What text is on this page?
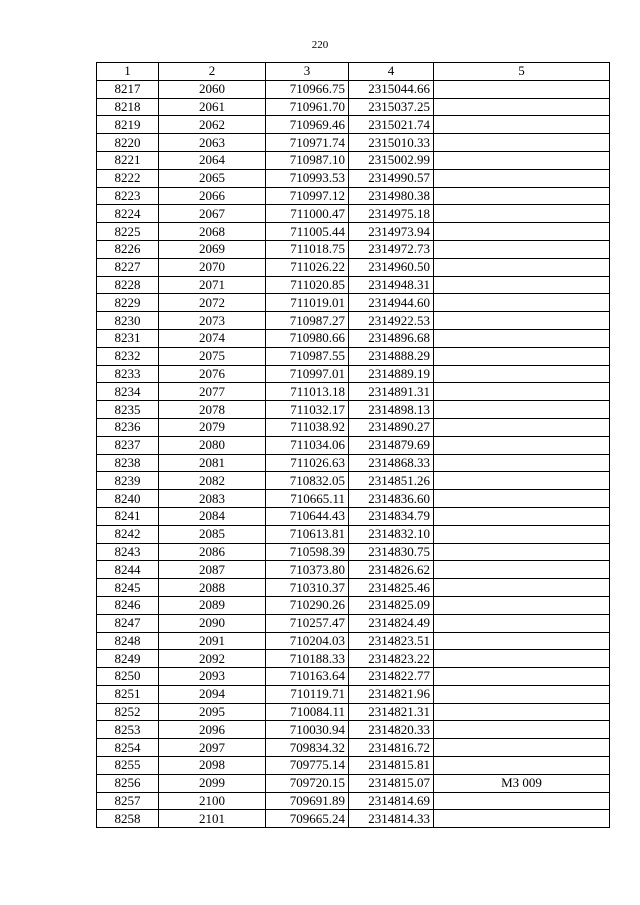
220
1	2	3	4	5
8217	2060	710966.75	2315044.66	
8218	2061	710961.70	2315037.25	
8219	2062	710969.46	2315021.74	
8220	2063	710971.74	2315010.33	
8221	2064	710987.10	2315002.99	
8222	2065	710993.53	2314990.57	
8223	2066	710997.12	2314980.38	
8224	2067	711000.47	2314975.18	
8225	2068	711005.44	2314973.94	
8226	2069	711018.75	2314972.73	
8227	2070	711026.22	2314960.50	
8228	2071	711020.85	2314948.31	
8229	2072	711019.01	2314944.60	
8230	2073	710987.27	2314922.53	
8231	2074	710980.66	2314896.68	
8232	2075	710987.55	2314888.29	
8233	2076	710997.01	2314889.19	
8234	2077	711013.18	2314891.31	
8235	2078	711032.17	2314898.13	
8236	2079	711038.92	2314890.27	
8237	2080	711034.06	2314879.69	
8238	2081	711026.63	2314868.33	
8239	2082	710832.05	2314851.26	
8240	2083	710665.11	2314836.60	
8241	2084	710644.43	2314834.79	
8242	2085	710613.81	2314832.10	
8243	2086	710598.39	2314830.75	
8244	2087	710373.80	2314826.62	
8245	2088	710310.37	2314825.46	
8246	2089	710290.26	2314825.09	
8247	2090	710257.47	2314824.49	
8248	2091	710204.03	2314823.51	
8249	2092	710188.33	2314823.22	
8250	2093	710163.64	2314822.77	
8251	2094	710119.71	2314821.96	
8252	2095	710084.11	2314821.31	
8253	2096	710030.94	2314820.33	
8254	2097	709834.32	2314816.72	
8255	2098	709775.14	2314815.81	
8256	2099	709720.15	2314815.07	МЗ 009
8257	2100	709691.89	2314814.69	
8258	2101	709665.24	2314814.33	
